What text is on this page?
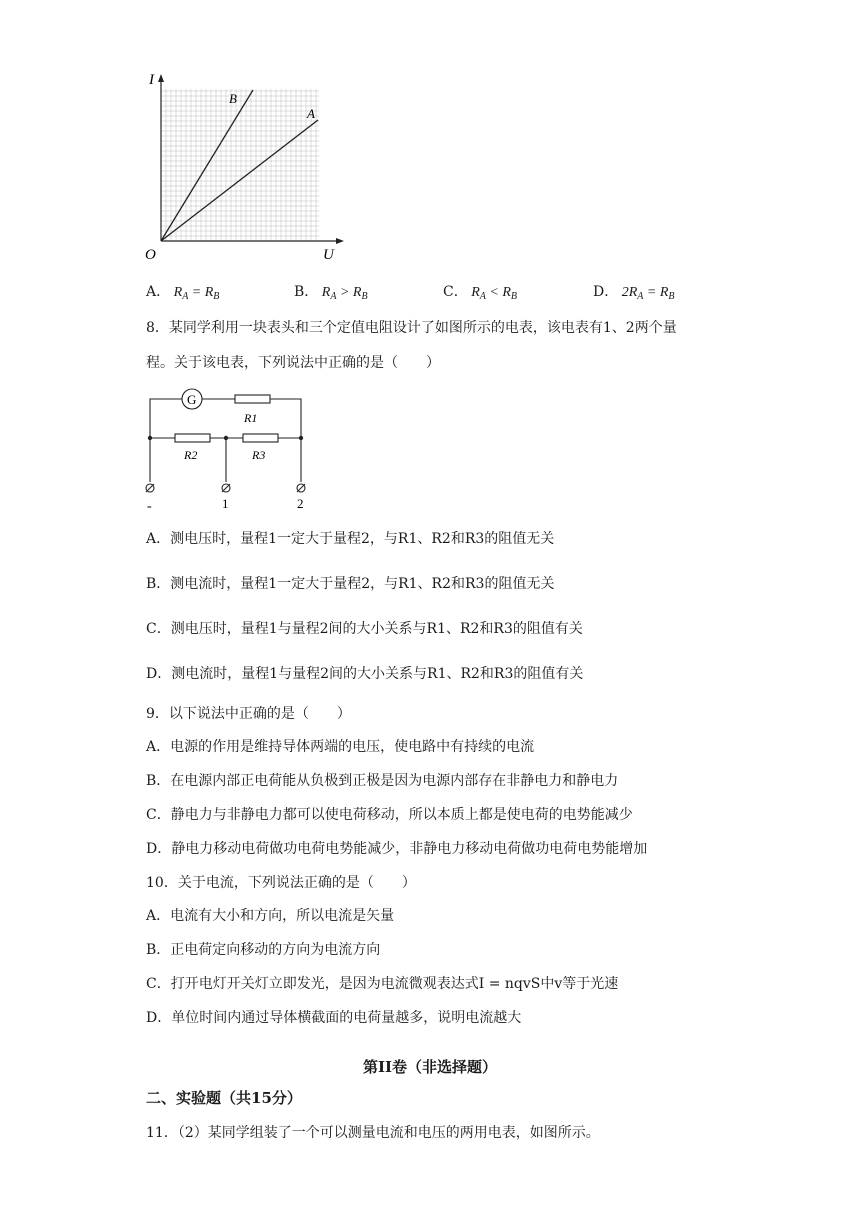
I
U
O
B
A
A． $R_A = R_B$	B． $R_A > R_B$	C． $R_A < R_B$	D． $2R_A = R_B$
8．某同学利用一块表头和三个定值电阻设计了如图所示的电表，该电表有1、2两个量
程。关于该电表，下列说法中正确的是（　　）
G
R1
R2	R3
-	1	2
A．测电压时，量程1一定大于量程2，与R1、R2和R3的阻值无关
B．测电流时，量程1一定大于量程2，与R1、R2和R3的阻值无关
C．测电压时，量程1与量程2间的大小关系与R1、R2和R3的阻值有关
D．测电流时，量程1与量程2间的大小关系与R1、R2和R3的阻值有关
9．以下说法中正确的是（　　）
A．电源的作用是维持导体两端的电压，使电路中有持续的电流
B．在电源内部正电荷能从负极到正极是因为电源内部存在非静电力和静电力
C．静电力与非静电力都可以使电荷移动，所以本质上都是使电荷的电势能减少
D．静电力移动电荷做功电荷电势能减少，非静电力移动电荷做功电荷电势能增加
10．关于电流，下列说法正确的是（　　）
A．电流有大小和方向，所以电流是矢量
B．正电荷定向移动的方向为电流方向
C．打开电灯开关灯立即发光，是因为电流微观表达式I = nqvS中v等于光速
D．单位时间内通过导体横截面的电荷量越多，说明电流越大
第II卷（非选择题）
二、实验题（共15分）
11．（2）某同学组装了一个可以测量电流和电压的两用电表，如图所示。
